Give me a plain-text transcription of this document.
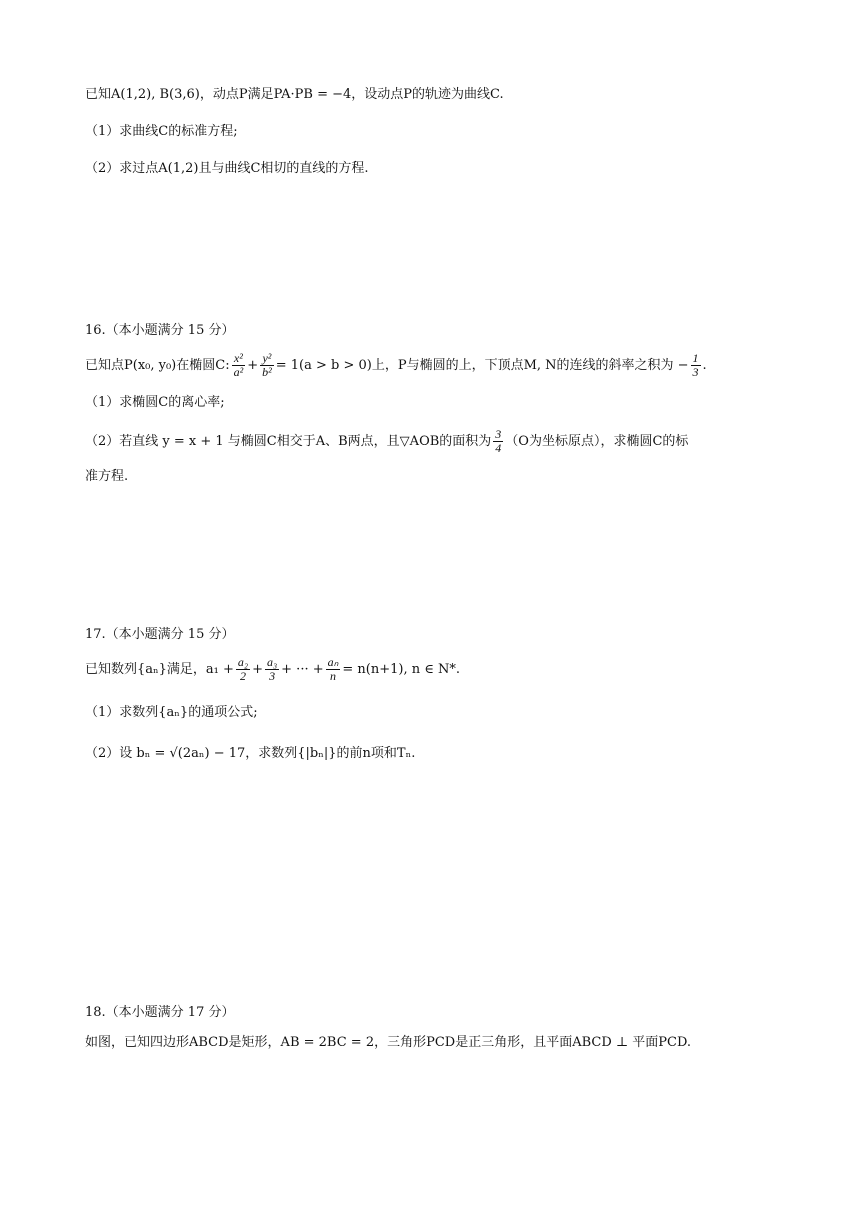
已知A(1,2), B(3,6)，动点P满足PA·PB = −4，设动点P的轨迹为曲线C.
（1）求曲线C的标准方程;
（2）求过点A(1,2)且与曲线C相切的直线的方程.
16.（本小题满分 15 分）
已知点P(x₀, y₀)在椭圆C: $\frac{\text{x²}}{\text{a²}} + \frac{\text{y²}}{\text{b²}} = 1(a > b > 0)$上，P与椭圆的上，下顶点M, N的连线的斜率之积为 − $\frac{1}{3}$ .
（1）求椭圆C的离心率;
（2）若直线 y = x + 1 与椭圆C相交于A、B两点，且▽AOB的面积为 $\frac{3}{4} (O$为坐标原点），求椭圆C的标
准方程.
17.（本小题满分 15 分）
已知数列{aₙ}满足，$a_1 + \frac{\text{a₂}}{2} + \frac{\text{a₃}}{3}$ + ··· + $\frac{\text{aₙ}}{n} = n(n+1)$, n ∈ N*.
（1）求数列{aₙ}的通项公式;
（2）设 bₙ = √(2aₙ) − 17，求数列{|bₙ|}的前n项和Tₙ.
18.（本小题满分 17 分）
如图，已知四边形ABCD是矩形，AB = 2BC = 2，三角形PCD是正三角形，且平面ABCD ⊥ 平面PCD.
